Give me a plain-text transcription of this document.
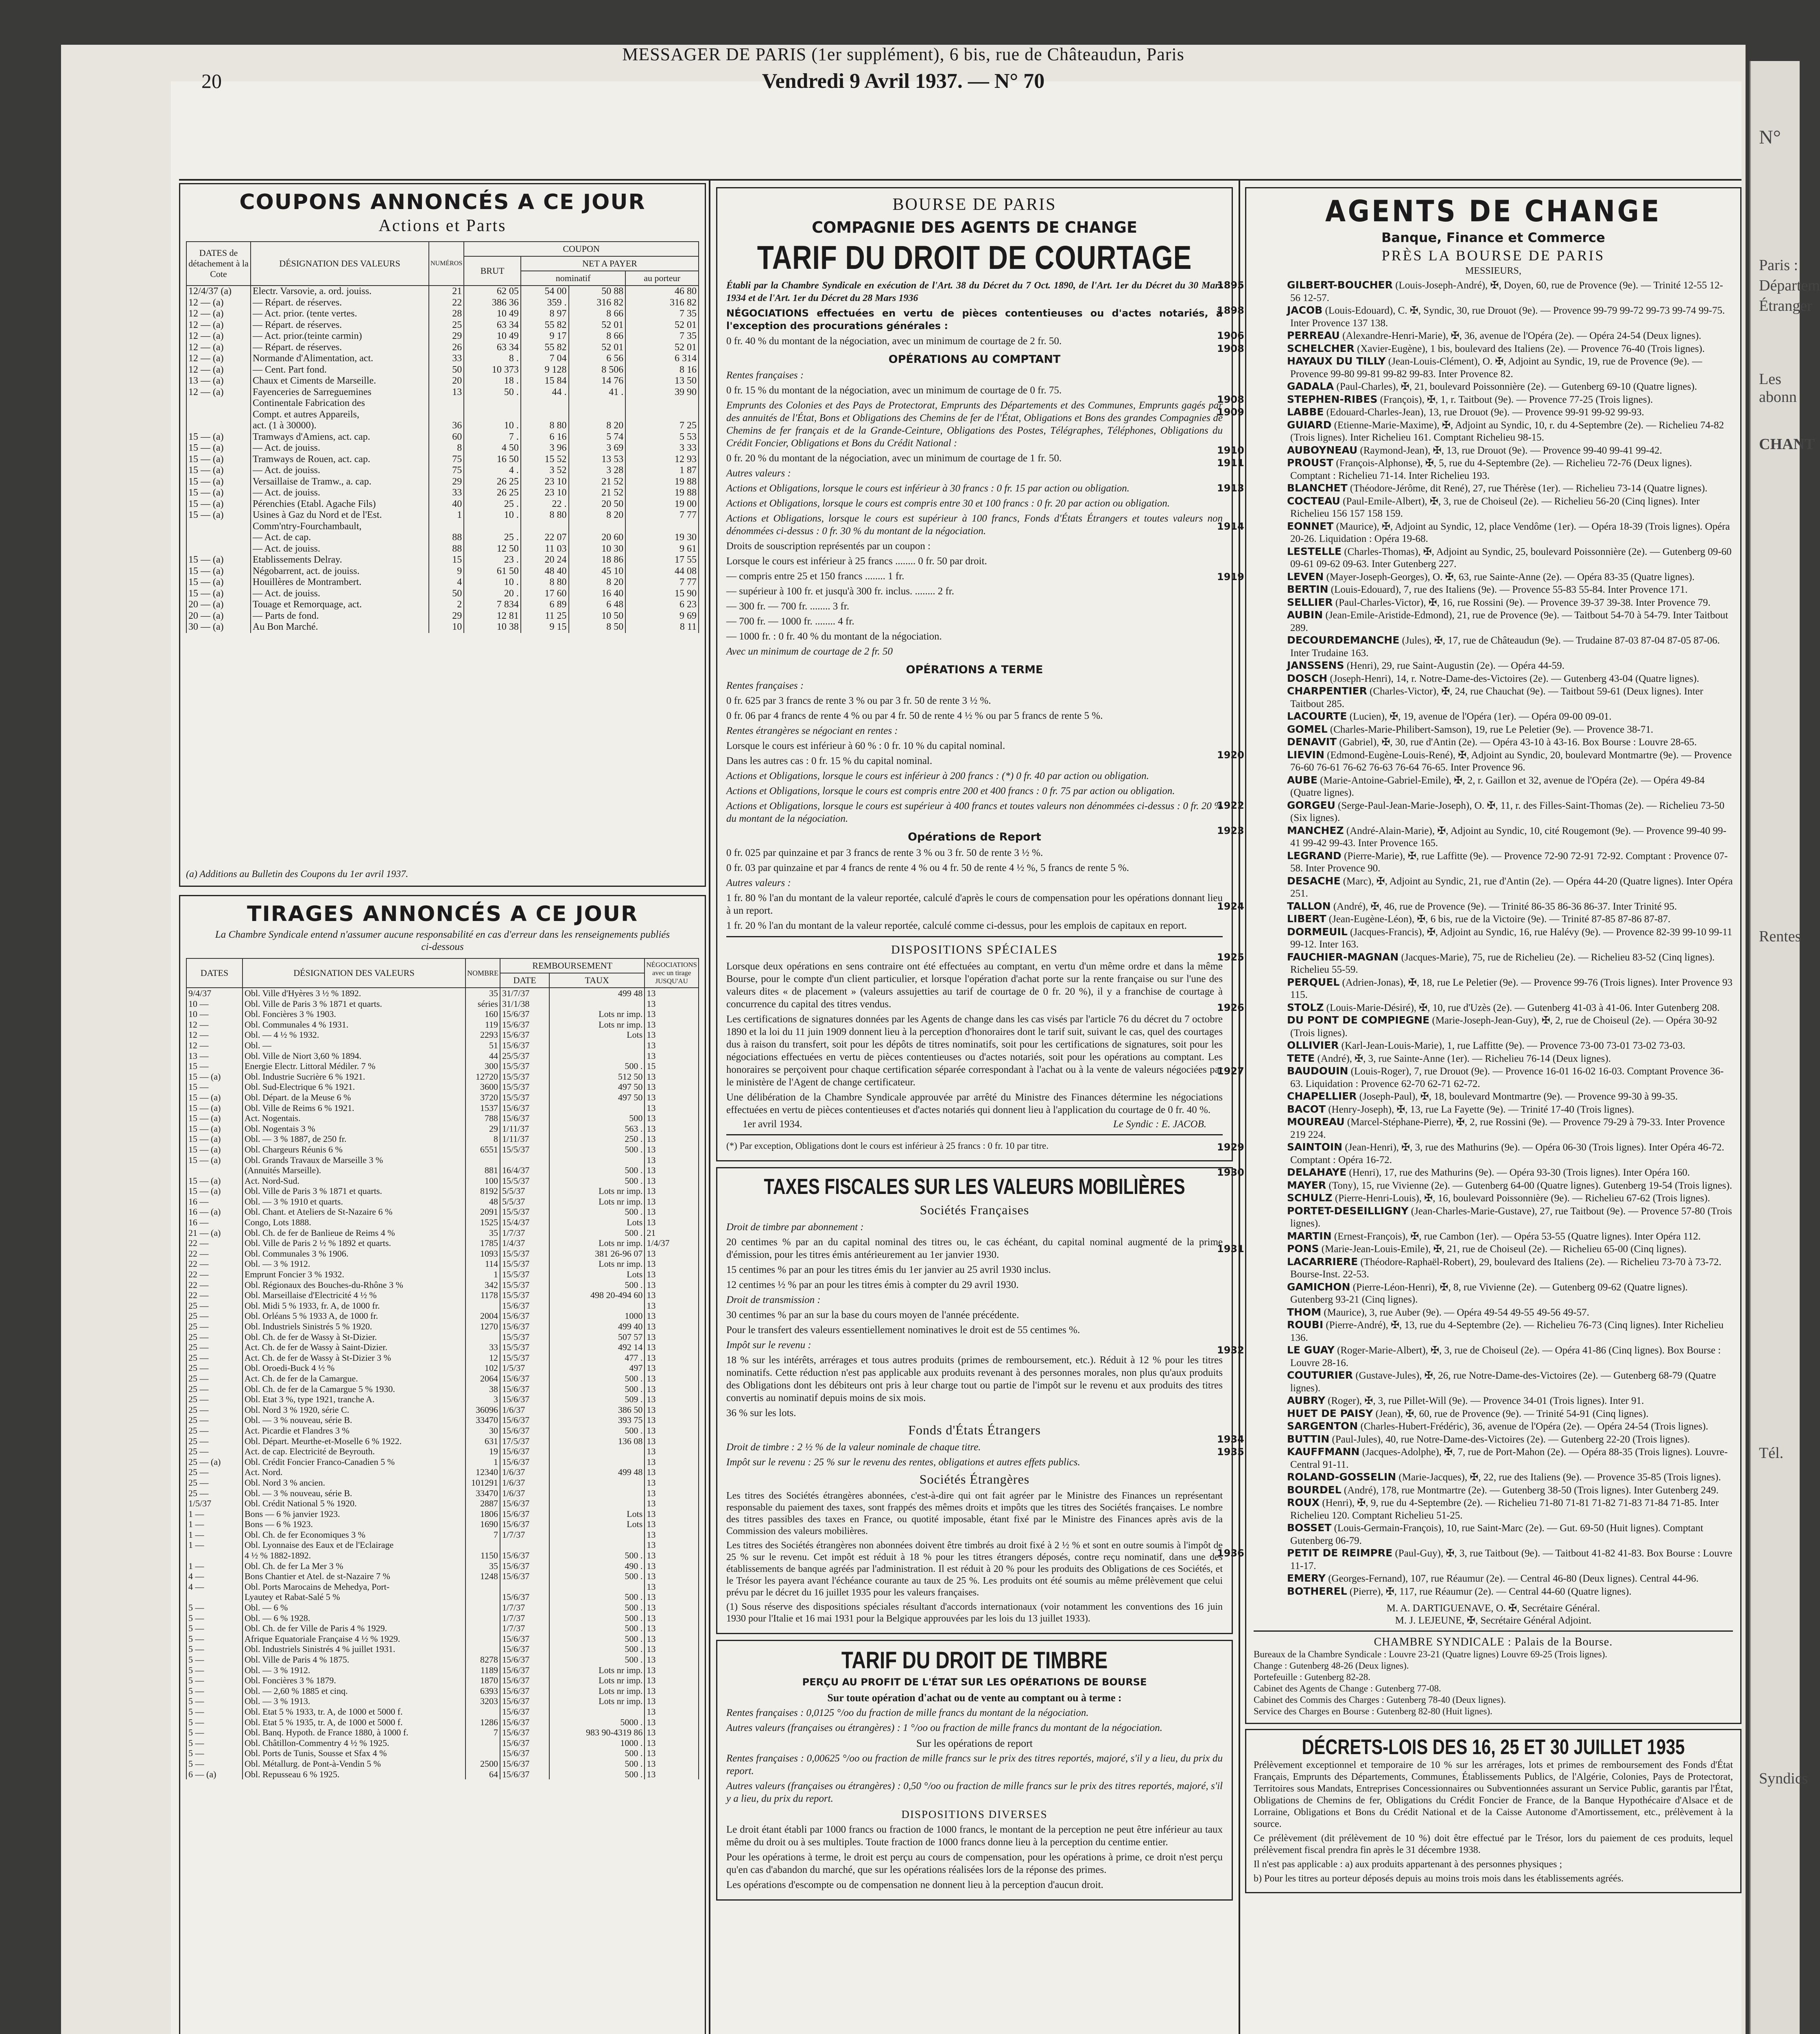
N°
Paris :
Départem
Étranger
Les abonn
CHANT
Rentes
Tél.
Syndics
20
MESSAGER DE PARIS (1er supplément), 6 bis, rue de Châteaudun, Paris
Vendredi 9 Avril 1937. — N° 70
COUPONS ANNONCÉS A CE JOUR
Actions et Parts
DATES de détachement à la Cote	DÉSIGNATION DES VALEURS	NUMÉROS	COUPON			
			BRUT	NET A PAYER		
				nominatif		au porteur
12/4/37 (a)	Electr. Varsovie, a. ord. jouiss.	21	62 05	54 00	50 88	46 80
12 — (a)	— Répart. de réserves.	22	386 36	359 .	316 82	316 82
12 — (a)	— Act. prior. (tente vertes.	28	10 49	8 97	8 66	7 35
12 — (a)	— Répart. de réserves.	25	63 34	55 82	52 01	52 01
12 — (a)	— Act. prior.(teinte carmin)	29	10 49	9 17	8 66	7 35
12 — (a)	— Répart. de réserves.	26	63 34	55 82	52 01	52 01
12 — (a)	Normande d'Alimentation, act.	33	8 .	7 04	6 56	6 314
12 — (a)	— Cent. Part fond.	50	10 373	9 128	8 506	8 16
13 — (a)	Chaux et Ciments de Marseille.	20	18 .	15 84	14 76	13 50
12 — (a)	Fayenceries de Sarreguemines	13	50 .	44 .	41 .	39 90
	Continentale Fabrication des					
	Compt. et autres Appareils,					
	act. (1 à 30000).	36	10 .	8 80	8 20	7 25
15 — (a)	Tramways d'Amiens, act. cap.	60	7 .	6 16	5 74	5 53
15 — (a)	— Act. de jouiss.	8	4 50	3 96	3 69	3 33
15 — (a)	Tramways de Rouen, act. cap.	75	16 50	15 52	13 53	12 93
15 — (a)	— Act. de jouiss.	75	4 .	3 52	3 28	1 87
15 — (a)	Versaillaise de Tramw., a. cap.	29	26 25	23 10	21 52	19 88
15 — (a)	— Act. de jouiss.	33	26 25	23 10	21 52	19 88
15 — (a)	Pérenchies (Etabl. Agache Fils)	40	25 .	22 .	20 50	19 00
15 — (a)	Usines à Gaz du Nord et de l'Est.	1	10 .	8 80	8 20	7 77
	Comm'ntry-Fourchambault,					
	— Act. de cap.	88	25 .	22 07	20 60	19 30
	— Act. de jouiss.	88	12 50	11 03	10 30	9 61
15 — (a)	Etablissements Delray.	15	23 .	20 24	18 86	17 55
15 — (a)	Négobarrent, act. de jouiss.	9	61 50	48 40	45 10	44 08
15 — (a)	Houillères de Montrambert.	4	10 .	8 80	8 20	7 77
15 — (a)	— Act. de jouiss.	50	20 .	17 60	16 40	15 90
20 — (a)	Touage et Remorquage, act.	2	7 834	6 89	6 48	6 23
20 — (a)	— Parts de fond.	29	12 81	11 25	10 50	9 69
30 — (a)	Au Bon Marché.	10	10 38	9 15	8 50	8 11
(a) Additions au Bulletin des Coupons du 1er avril 1937.
TIRAGES ANNONCÉS A CE JOUR
La Chambre Syndicale entend n'assumer aucune responsabilité en cas d'erreur dans les renseignements publiés ci-dessous
DATES	DÉSIGNATION DES VALEURS	NOMBRE	REMBOURSEMENT		NÉGOCIATIONS avec un tirage JUSQU'AU
			DATE	TAUX	
9/4/37	Obl. Ville d'Hyères 3 ½ % 1892.	35	31/7/37	499 48	13
10 —	Obl. Ville de Paris 3 % 1871 et quarts.	séries	31/1/38		13
10 —	Obl. Foncières 3 % 1903.	160	15/6/37	Lots nr imp.	13
12 —	Obl. Communales 4 % 1931.	119	15/6/37	Lots nr imp.	13
12 —	Obl. — 4 ½ % 1932.	2293	15/6/37	Lots	13
12 —	Obl. —	51	15/6/37		13
13 —	Obl. Ville de Niort 3,60 % 1894.	44	25/5/37		13
15 —	Energie Electr. Littoral Médiler. 7 %	300	15/5/37	500 .	15
15 — (a)	Obl. Industrie Sucrière 6 % 1921.	12720	15/5/37	512 50	13
15 —	Obl. Sud-Electrique 6 % 1921.	3600	15/5/37	497 50	13
15 — (a)	Obl. Départ. de la Meuse 6 %	3720	15/5/37	497 50	13
15 — (a)	Obl. Ville de Reims 6 % 1921.	1537	15/6/37		13
15 — (a)	Act. Nogentais.	788	15/6/37	500	13
15 — (a)	Obl. Nogentais 3 %	29	1/11/37	563 .	13
15 — (a)	Obl. — 3 % 1887, de 250 fr.	8	1/11/37	250 .	13
15 — (a)	Obl. Chargeurs Réunis 6 %	6551	15/5/37	500 .	13
15 — (a)	Obl. Grands Travaux de Marseille 3 %				13
	(Annuités Marseille).	881	16/4/37	500 .	13
15 — (a)	Act. Nord-Sud.	100	15/5/37	500 .	13
15 — (a)	Obl. Ville de Paris 3 % 1871 et quarts.	8192	5/5/37	Lots nr imp.	13
16 —	Obl. — 3 % 1910 et quarts.	48	5/5/37	Lots nr imp.	13
16 — (a)	Obl. Chant. et Ateliers de St-Nazaire 6 %	2091	15/5/37	500 .	13
16 —	Congo, Lots 1888.	1525	15/4/37	Lots	13
21 — (a)	Obl. Ch. de fer de Banlieue de Reims 4 %	35	1/7/37	500 .	21
22 —	Obl. Ville de Paris 2 ½ % 1892 et quarts.	1785	1/4/37	Lots nr imp.	1/4/37
22 —	Obl. Communales 3 % 1906.	1093	15/5/37	381 26-96 07	13
22 —	Obl. — 3 % 1912.	114	15/5/37	Lots nr imp.	13
22 —	Emprunt Foncier 3 % 1932.	1	15/5/37	Lots	13
22 —	Obl. Régionaux des Bouches-du-Rhône 3 %	342	15/5/37	500 .	13
22 —	Obl. Marseillaise d'Electricité 4 ½ %	1178	15/5/37	498 20-494 60	13
25 —	Obl. Midi 5 % 1933, fr. A, de 1000 fr.		15/6/37		13
25 —	Obl. Orléans 5 % 1933 A, de 1000 fr.	2004	15/6/37	1000	13
25 —	Obl. Industriels Sinistrés 5 % 1920.	1270	15/6/37	499 40	13
25 —	Obl. Ch. de fer de Wassy à St-Dizier.		15/5/37	507 57	13
25 —	Act. Ch. de fer de Wassy à Saint-Dizier.	33	15/5/37	492 14	13
25 —	Act. Ch. de fer de Wassy à St-Dizier 3 %	12	15/5/37	477 .	13
25 —	Obl. Oroedi-Buck 4 ½ %	102	1/5/37	497	13
25 —	Act. Ch. de fer de la Camargue.	2064	15/6/37	500 .	13
25 —	Obl. Ch. de fer de la Camargue 5 % 1930.	38	15/6/37	500 .	13
25 —	Obl. Etat 3 %, type 1921, tranche A.	3	15/6/37	509 .	13
25 —	Obl. Nord 3 % 1920, série C.	36096	1/6/37	386 50	13
25 —	Obl. — 3 % nouveau, série B.	33470	15/6/37	393 75	13
25 —	Act. Picardie et Flandres 3 %	30	15/6/37	500 .	13
25 —	Obl. Départ. Meurthe-et-Moselle 6 % 1922.	631	17/5/37	136 08	13
25 —	Act. de cap. Electricité de Beyrouth.	19	15/6/37		13
25 — (a)	Obl. Crédit Foncier Franco-Canadien 5 %	1	15/6/37		13
25 —	Act. Nord.	12340	1/6/37	499 48	13
25 —	Obl. Nord 3 % ancien.	101291	1/6/37		13
25 —	Obl. — 3 % nouveau, série B.	33470	1/6/37		13
1/5/37	Obl. Crédit National 5 % 1920.	2887	15/6/37		13
1 —	Bons — 6 % janvier 1923.	1806	15/6/37	Lots	13
1 —	Bons — 6 % 1923.	1690	15/6/37	Lots	13
1 —	Obl. Ch. de fer Economiques 3 %	7	1/7/37		13
1 —	Obl. Lyonnaise des Eaux et de l'Eclairage				13
	4 ½ % 1882-1892.	1150	15/6/37	500 .	13
1 —	Obl. Ch. de fer La Mer 3 %	35	15/6/37	490 .	13
4 —	Bons Chantier et Atel. de st-Nazaire 7 %	1248	15/6/37	500 .	13
4 —	Obl. Ports Marocains de Mehedya, Port-				13
	Lyautey et Rabat-Salé 5 %		15/6/37	500 .	13
5 —	Obl. — 6 %		1/7/37	500 .	13
5 —	Obl. — 6 % 1928.		1/7/37	500 .	13
5 —	Obl. Ch. de fer Ville de Paris 4 % 1929.		1/7/37	500 .	13
5 —	Afrique Equatoriale Française 4 ½ % 1929.		15/6/37	500 .	13
5 —	Obl. Industriels Sinistrés 4 % juillet 1931.		15/6/37	500 .	13
5 —	Obl. Ville de Paris 4 % 1875.	8278	15/6/37	500 .	13
5 —	Obl. — 3 % 1912.	1189	15/6/37	Lots nr imp.	13
5 —	Obl. Foncières 3 % 1879.	1870	15/6/37	Lots nr imp.	13
5 —	Obl. — 2,60 % 1885 et cinq.	6393	15/6/37	Lots nr imp.	13
5 —	Obl. — 3 % 1913.	3203	15/6/37	Lots nr imp.	13
5 —	Obl. Etat 5 % 1933, tr. A, de 1000 et 5000 f.		15/6/37		13
5 —	Obl. Etat 5 % 1935, tr. A, de 1000 et 5000 f.	1286	15/6/37	5000 .	13
5 —	Obl. Banq. Hypoth. de France 1880, à 1000 f.	7	15/6/37	983 90-4319 86	13
5 —	Obl. Châtillon-Commentry 4 ½ % 1925.		15/6/37	1000 .	13
5 —	Obl. Ports de Tunis, Sousse et Sfax 4 %		15/6/37	500 .	13
5 —	Obl. Métallurg. de Pont-à-Vendin 5 %	2500	15/6/37	500 .	13
6 — (a)	Obl. Repusseau 6 % 1925.	64	15/6/37	500 .	13
BOURSE DE PARIS
COMPAGNIE DES AGENTS DE CHANGE
TARIF DU DROIT DE COURTAGE
Établi par la Chambre Syndicale en exécution de l'Art. 38 du Décret du 7 Oct. 1890, de l'Art. 1er du Décret du 30 Mars 1934 et de l'Art. 1er du Décret du 28 Mars 1936
NÉGOCIATIONS effectuées en vertu de pièces contentieuses ou d'actes notariés, à l'exception des procurations générales :
0 fr. 40 % du montant de la négociation, avec un minimum de courtage de 2 fr. 50.
OPÉRATIONS AU COMPTANT

Rentes françaises :

0 fr. 15 % du montant de la négociation, avec un minimum de courtage de 0 fr. 75.

Emprunts des Colonies et des Pays de Protectorat, Emprunts des Départements et des Communes, Emprunts gagés par des annuités de l'État, Bons et Obligations des Chemins de fer de l'État, Obligations et Bons des grandes Compagnies de Chemins de fer français et de la Grande-Ceinture, Obligations des Postes, Télégraphes, Téléphones, Obligations du Crédit Foncier, Obligations et Bons du Crédit National :

0 fr. 20 % du montant de la négociation, avec un minimum de courtage de 1 fr. 50.

Autres valeurs :

Actions et Obligations, lorsque le cours est inférieur à 30 francs : 0 fr. 15 par action ou obligation.

Actions et Obligations, lorsque le cours est compris entre 30 et 100 francs : 0 fr. 20 par action ou obligation.

Actions et Obligations, lorsque le cours est supérieur à 100 francs, Fonds d'États Étrangers et toutes valeurs non dénommées ci-dessus : 0 fr. 30 % du montant de la négociation.

Droits de souscription représentés par un coupon :

Lorsque le cours est inférieur à 25 francs ........ 0 fr. 50 par droit.

— compris entre 25 et 150 francs ........ 1 fr.

— supérieur à 100 fr. et jusqu'à 300 fr. inclus. ........ 2 fr.

— 300 fr. — 700 fr. ........ 3 fr.

— 700 fr. — 1000 fr. ........ 4 fr.

— 1000 fr. : 0 fr. 40 % du montant de la négociation.

Avec un minimum de courtage de 2 fr. 50

OPÉRATIONS A TERME

Rentes françaises :

0 fr. 625 par 3 francs de rente 3 % ou par 3 fr. 50 de rente 3 ½ %.

0 fr. 06 par 4 francs de rente 4 % ou par 4 fr. 50 de rente 4 ½ % ou par 5 francs de rente 5 %.

Rentes étrangères se négociant en rentes :

Lorsque le cours est inférieur à 60 % : 0 fr. 10 % du capital nominal.

Dans les autres cas : 0 fr. 15 % du capital nominal.

Actions et Obligations, lorsque le cours est inférieur à 200 francs : (*) 0 fr. 40 par action ou obligation.

Actions et Obligations, lorsque le cours est compris entre 200 et 400 francs : 0 fr. 75 par action ou obligation.

Actions et Obligations, lorsque le cours est supérieur à 400 francs et toutes valeurs non dénommées ci-dessus : 0 fr. 20 % du montant de la négociation.

Opérations de Report

0 fr. 025 par quinzaine et par 3 francs de rente 3 % ou 3 fr. 50 de rente 3 ½ %.

0 fr. 03 par quinzaine et par 4 francs de rente 4 % ou 4 fr. 50 de rente 4 ½ %, 5 francs de rente 5 %.

Autres valeurs :

1 fr. 80 % l'an du montant de la valeur reportée, calculé d'après le cours de compensation pour les opérations donnant lieu à un report.

1 fr. 20 % l'an du montant de la valeur reportée, calculé comme ci-dessus, pour les emplois de capitaux en report.

DISPOSITIONS SPÉCIALES

Lorsque deux opérations en sens contraire ont été effectuées au comptant, en vertu d'un même ordre et dans la même Bourse, pour le compte d'un client particulier, et lorsque l'opération d'achat porte sur la rente française ou sur l'une des valeurs dites « de placement » (valeurs assujetties au tarif de courtage de 0 fr. 20 %), il y a franchise de courtage à concurrence du capital des titres vendus.

Les certifications de signatures données par les Agents de change dans les cas visés par l'article 76 du décret du 7 octobre 1890 et la loi du 11 juin 1909 donnent lieu à la perception d'honoraires dont le tarif suit, suivant le cas, quel des courtages dus à raison du transfert, soit pour les dépôts de titres nominatifs, soit pour les certifications de signatures, soit pour les négociations effectuées en vertu de pièces contentieuses ou d'actes notariés, soit pour les opérations au comptant. Les honoraires se perçoivent pour chaque certification séparée correspondant à l'achat ou à la vente de valeurs négociées par le ministère de l'Agent de change certificateur.

Une délibération de la Chambre Syndicale approuvée par arrêté du Ministre des Finances détermine les négociations effectuées en vertu de pièces contentieuses et d'actes notariés qui donnent lieu à l'application du courtage de 0 fr. 40 %.

1er avril 1934.	Le Syndic : E. JACOB.
(*) Par exception, Obligations dont le cours est inférieur à 25 francs : 0 fr. 10 par titre.
TAXES FISCALES SUR LES VALEURS MOBILIÈRES
Sociétés Françaises

Droit de timbre par abonnement :

20 centimes % par an du capital nominal des titres ou, le cas échéant, du capital nominal augmenté de la prime d'émission, pour les titres émis antérieurement au 1er janvier 1930.

15 centimes % par an pour les titres émis du 1er janvier au 25 avril 1930 inclus.

12 centimes ½ % par an pour les titres émis à compter du 29 avril 1930.

Droit de transmission :

30 centimes % par an sur la base du cours moyen de l'année précédente.

Pour le transfert des valeurs essentiellement nominatives le droit est de 55 centimes %.

Impôt sur le revenu :

18 % sur les intérêts, arrérages et tous autres produits (primes de remboursement, etc.). Réduit à 12 % pour les titres nominatifs. Cette réduction n'est pas applicable aux produits revenant à des personnes morales, non plus qu'aux produits des Obligations dont les débiteurs ont pris à leur charge tout ou partie de l'impôt sur le revenu et aux produits des titres convertis au nominatif depuis moins de six mois.

36 % sur les lots.

Fonds d'États Étrangers

Droit de timbre : 2 ½ % de la valeur nominale de chaque titre.

Impôt sur le revenu : 25 % sur le revenu des rentes, obligations et autres effets publics.

Sociétés Étrangères

Les titres des Sociétés étrangères abonnées, c'est-à-dire qui ont fait agréer par le Ministre des Finances un représentant responsable du paiement des taxes, sont frappés des mêmes droits et impôts que les titres des Sociétés françaises. Le nombre des titres passibles des taxes en France, ou quotité imposable, étant fixé par le Ministre des Finances après avis de la Commission des valeurs mobilières.

Les titres des Sociétés étrangères non abonnées doivent être timbrés au droit fixé à 2 ½ % et sont en outre soumis à l'impôt de 25 % sur le revenu. Cet impôt est réduit à 18 % pour les titres étrangers déposés, contre reçu nominatif, dans une des établissements de banque agréés par l'administration. Il est réduit à 20 % pour les produits des Obligations de ces Sociétés, et le Trésor les payera avant l'échéance courante au taux de 25 %. Les produits ont été soumis au même prélèvement que celui prévu par le décret du 16 juillet 1935 pour les valeurs françaises.

(1) Sous réserve des dispositions spéciales résultant d'accords internationaux (voir notamment les conventions des 16 juin 1930 pour l'Italie et 16 mai 1931 pour la Belgique approuvées par les lois du 13 juillet 1933).

TARIF DU DROIT DE TIMBRE
PERÇU AU PROFIT DE L'ÉTAT SUR LES OPÉRATIONS DE BOURSE
Sur toute opération d'achat ou de vente au comptant ou à terme :

Rentes françaises : 0,0125 °/oo du fraction de mille francs du montant de la négociation.

Autres valeurs (françaises ou étrangères) : 1 °/oo ou fraction de mille francs du montant de la négociation.

Sur les opérations de report

Rentes françaises : 0,00625 °/oo ou fraction de mille francs sur le prix des titres reportés, majoré, s'il y a lieu, du prix du report.

Autres valeurs (françaises ou étrangères) : 0,50 °/oo ou fraction de mille francs sur le prix des titres reportés, majoré, s'il y a lieu, du prix du report.

DISPOSITIONS DIVERSES

Le droit étant établi par 1000 francs ou fraction de 1000 francs, le montant de la perception ne peut être inférieur au taux même du droit ou à ses multiples. Toute fraction de 1000 francs donne lieu à la perception du centime entier.

Pour les opérations à terme, le droit est perçu au cours de compensation, pour les opérations à prime, ce droit n'est perçu qu'en cas d'abandon du marché, que sur les opérations réalisées lors de la réponse des primes.

Les opérations d'escompte ou de compensation ne donnent lieu à la perception d'aucun droit.

AGENTS DE CHANGE
Banque, Finance et Commerce
PRÈS LA BOURSE DE PARIS
MESSIEURS,

1895	GILBERT-BOUCHER (Louis-Joseph-André), ✠, Doyen, 60, rue de Provence (9e). — Trinité 12-55 12-56 12-57.

1898	JACOB (Louis-Edouard), C. ✠, Syndic, 30, rue Drouot (9e). — Provence 99-79 99-72 99-73 99-74 99-75. Inter Provence 137 138.

1906	PERREAU (Alexandre-Henri-Marie), ✠, 36, avenue de l'Opéra (2e). — Opéra 24-54 (Deux lignes).

1908	SCHELCHER (Xavier-Eugène), 1 bis, boulevard des Italiens (2e). — Provence 76-40 (Trois lignes).

HAYAUX DU TILLY (Jean-Louis-Clément), O. ✠, Adjoint au Syndic, 19, rue de Provence (9e). — Provence 99-80 99-81 99-82 99-83. Inter Provence 82.

GADALA (Paul-Charles), ✠, 21, boulevard Poissonnière (2e). — Gutenberg 69-10 (Quatre lignes).

1908	STEPHEN-RIBES (François), ✠, 1, r. Taitbout (9e). — Provence 77-25 (Trois lignes).

1909	LABBE (Edouard-Charles-Jean), 13, rue Drouot (9e). — Provence 99-91 99-92 99-93.

GUIARD (Etienne-Marie-Maxime), ✠, Adjoint au Syndic, 10, r. du 4-Septembre (2e). — Richelieu 74-82 (Trois lignes). Inter Richelieu 161. Comptant Richelieu 98-15.

1910	AUBOYNEAU (Raymond-Jean), ✠, 13, rue Drouot (9e). — Provence 99-40 99-41 99-42.

1911	PROUST (François-Alphonse), ✠, 5, rue du 4-Septembre (2e). — Richelieu 72-76 (Deux lignes). Comptant : Richelieu 71-14. Inter Richelieu 193.

1913	BLANCHET (Théodore-Jérôme, dit René), 27, rue Thérèse (1er). — Richelieu 73-14 (Quatre lignes).

COCTEAU (Paul-Emile-Albert), ✠, 3, rue de Choiseul (2e). — Richelieu 56-20 (Cinq lignes). Inter Richelieu 156 157 158 159.

1914	EONNET (Maurice), ✠, Adjoint au Syndic, 12, place Vendôme (1er). — Opéra 18-39 (Trois lignes). Opéra 20-26. Liquidation : Opéra 19-68.

LESTELLE (Charles-Thomas), ✠, Adjoint au Syndic, 25, boulevard Poissonnière (2e). — Gutenberg 09-60 09-61 09-62 09-63. Inter Gutenberg 227.

1919	LEVEN (Mayer-Joseph-Georges), O. ✠, 63, rue Sainte-Anne (2e). — Opéra 83-35 (Quatre lignes).

BERTIN (Louis-Edouard), 7, rue des Italiens (9e). — Provence 55-83 55-84. Inter Provence 171.

SELLIER (Paul-Charles-Victor), ✠, 16, rue Rossini (9e). — Provence 39-37 39-38. Inter Provence 79.

AUBIN (Jean-Emile-Aristide-Edmond), 21, rue de Provence (9e). — Taitbout 54-70 à 54-79. Inter Taitbout 289.

DECOURDEMANCHE (Jules), ✠, 17, rue de Châteaudun (9e). — Trudaine 87-03 87-04 87-05 87-06. Inter Trudaine 163.

JANSSENS (Henri), 29, rue Saint-Augustin (2e). — Opéra 44-59.

DOSCH (Joseph-Henri), 14, r. Notre-Dame-des-Victoires (2e). — Gutenberg 43-04 (Quatre lignes).

CHARPENTIER (Charles-Victor), ✠, 24, rue Chauchat (9e). — Taitbout 59-61 (Deux lignes). Inter Taitbout 285.

LACOURTE (Lucien), ✠, 19, avenue de l'Opéra (1er). — Opéra 09-00 09-01.

GOMEL (Charles-Marie-Philibert-Samson), 19, rue Le Peletier (9e). — Provence 38-71.

DENAVIT (Gabriel), ✠, 30, rue d'Antin (2e). — Opéra 43-10 à 43-16. Box Bourse : Louvre 28-65.

1920	LIEVIN (Edmond-Eugène-Louis-René), ✠, Adjoint au Syndic, 20, boulevard Montmartre (9e). — Provence 76-60 76-61 76-62 76-63 76-64 76-65. Inter Provence 96.

AUBE (Marie-Antoine-Gabriel-Emile), ✠, 2, r. Gaillon et 32, avenue de l'Opéra (2e). — Opéra 49-84 (Quatre lignes).

1922	GORGEU (Serge-Paul-Jean-Marie-Joseph), O. ✠, 11, r. des Filles-Saint-Thomas (2e). — Richelieu 73-50 (Six lignes).

1923	MANCHEZ (André-Alain-Marie), ✠, Adjoint au Syndic, 10, cité Rougemont (9e). — Provence 99-40 99-41 99-42 99-43. Inter Provence 165.

LEGRAND (Pierre-Marie), ✠, rue Laffitte (9e). — Provence 72-90 72-91 72-92. Comptant : Provence 07-58. Inter Provence 90.

DESACHE (Marc), ✠, Adjoint au Syndic, 21, rue d'Antin (2e). — Opéra 44-20 (Quatre lignes). Inter Opéra 251.

1924	TALLON (André), ✠, 46, rue de Provence (9e). — Trinité 86-35 86-36 86-37. Inter Trinité 95.

LIBERT (Jean-Eugène-Léon), ✠, 6 bis, rue de la Victoire (9e). — Trinité 87-85 87-86 87-87.

DORMEUIL (Jacques-Francis), ✠, Adjoint au Syndic, 16, rue Halévy (9e). — Provence 82-39 99-10 99-11 99-12. Inter 163.

1925	FAUCHIER-MAGNAN (Jacques-Marie), 75, rue de Richelieu (2e). — Richelieu 83-52 (Cinq lignes). Richelieu 55-59.

PERQUEL (Adrien-Jonas), ✠, 18, rue Le Peletier (9e). — Provence 99-76 (Trois lignes). Inter Provence 93 115.

1926	STOLZ (Louis-Marie-Désiré), ✠, 10, rue d'Uzès (2e). — Gutenberg 41-03 à 41-06. Inter Gutenberg 208.

DU PONT DE COMPIEGNE (Marie-Joseph-Jean-Guy), ✠, 2, rue de Choiseul (2e). — Opéra 30-92 (Trois lignes).

OLLIVIER (Karl-Jean-Louis-Marie), 1, rue Laffitte (9e). — Provence 73-00 73-01 73-02 73-03.

TETE (André), ✠, 3, rue Sainte-Anne (1er). — Richelieu 76-14 (Deux lignes).

1927	BAUDOUIN (Louis-Roger), 7, rue Drouot (9e). — Provence 16-01 16-02 16-03. Comptant Provence 36-63. Liquidation : Provence 62-70 62-71 62-72.

CHAPELLIER (Joseph-Paul), ✠, 18, boulevard Montmartre (9e). — Provence 99-30 à 99-35.

BACOT (Henry-Joseph), ✠, 13, rue La Fayette (9e). — Trinité 17-40 (Trois lignes).

MOUREAU (Marcel-Stéphane-Pierre), ✠, 2, rue Rossini (9e). — Provence 79-29 à 79-33. Inter Provence 219 224.

1929	SAINTOIN (Jean-Henri), ✠, 3, rue des Mathurins (9e). — Opéra 06-30 (Trois lignes). Inter Opéra 46-72. Comptant : Opéra 16-72.

1930	DELAHAYE (Henri), 17, rue des Mathurins (9e). — Opéra 93-30 (Trois lignes). Inter Opéra 160.

MAYER (Tony), 15, rue Vivienne (2e). — Gutenberg 64-00 (Quatre lignes). Gutenberg 19-54 (Trois lignes).

SCHULZ (Pierre-Henri-Louis), ✠, 16, boulevard Poissonnière (9e). — Richelieu 67-62 (Trois lignes).

PORTET-DESEILLIGNY (Jean-Charles-Marie-Gustave), 27, rue Taitbout (9e). — Provence 57-80 (Trois lignes).

MARTIN (Ernest-François), ✠, rue Cambon (1er). — Opéra 53-55 (Quatre lignes). Inter Opéra 112.

1931	PONS (Marie-Jean-Louis-Emile), ✠, 21, rue de Choiseul (2e). — Richelieu 65-00 (Cinq lignes).

LACARRIERE (Théodore-Raphaël-Robert), 29, boulevard des Italiens (2e). — Richelieu 73-70 à 73-72. Bourse-Inst. 22-53.

GAMICHON (Pierre-Léon-Henri), ✠, 8, rue Vivienne (2e). — Gutenberg 09-62 (Quatre lignes). Gutenberg 93-21 (Cinq lignes).

THOM (Maurice), 3, rue Auber (9e). — Opéra 49-54 49-55 49-56 49-57.

ROUBI (Pierre-André), ✠, 13, rue du 4-Septembre (2e). — Richelieu 76-73 (Cinq lignes). Inter Richelieu 136.

1932	LE GUAY (Roger-Marie-Albert), ✠, 3, rue de Choiseul (2e). — Opéra 41-86 (Cinq lignes). Box Bourse : Louvre 28-16.

COUTURIER (Gustave-Jules), ✠, 26, rue Notre-Dame-des-Victoires (2e). — Gutenberg 68-79 (Quatre lignes).

AUBRY (Roger), ✠, 3, rue Pillet-Will (9e). — Provence 34-01 (Trois lignes). Inter 91.

HUET DE PAISY (Jean), ✠, 60, rue de Provence (9e). — Trinité 54-91 (Cinq lignes).

SARGENTON (Charles-Hubert-Frédéric), 36, avenue de l'Opéra (2e). — Opéra 24-54 (Trois lignes).

1934	BUTTIN (Paul-Jules), 40, rue Notre-Dame-des-Victoires (2e). — Gutenberg 22-20 (Trois lignes).

1935	KAUFFMANN (Jacques-Adolphe), ✠, 7, rue de Port-Mahon (2e). — Opéra 88-35 (Trois lignes). Louvre-Central 91-11.

ROLAND-GOSSELIN (Marie-Jacques), ✠, 22, rue des Italiens (9e). — Provence 35-85 (Trois lignes).

BOURDEL (André), 178, rue Montmartre (2e). — Gutenberg 38-50 (Trois lignes). Inter Gutenberg 249.

ROUX (Henri), ✠, 9, rue du 4-Septembre (2e). — Richelieu 71-80 71-81 71-82 71-83 71-84 71-85. Inter Richelieu 120. Comptant Richelieu 51-25.

BOSSET (Louis-Germain-François), 10, rue Saint-Marc (2e). — Gut. 69-50 (Huit lignes). Comptant Gutenberg 06-79.

1936	PETIT DE REIMPRE (Paul-Guy), ✠, 3, rue Taitbout (9e). — Taitbout 41-82 41-83. Box Bourse : Louvre 11-17.

EMERY (Georges-Fernand), 107, rue Réaumur (2e). — Central 46-80 (Deux lignes). Central 44-96.

BOTHEREL (Pierre), ✠, 117, rue Réaumur (2e). — Central 44-60 (Quatre lignes).

M. A. DARTIGUENAVE, O. ✠, Secrétaire Général.
M. J. LEJEUNE, ✠, Secrétaire Général Adjoint.
CHAMBRE SYNDICALE : Palais de la Bourse.
Bureaux de la Chambre Syndicale : Louvre 23-21 (Quatre lignes) Louvre 69-25 (Trois lignes).
Change : Gutenberg 48-26 (Deux lignes).
Portefeuille : Gutenberg 82-28.
Cabinet des Agents de Change : Gutenberg 77-08.
Cabinet des Commis des Charges : Gutenberg 78-40 (Deux lignes).
Service des Charges en Bourse : Gutenberg 82-80 (Huit lignes).
DÉCRETS-LOIS DES 16, 25 ET 30 JUILLET 1935

Prélèvement exceptionnel et temporaire de 10 % sur les arrérages, lots et primes de remboursement des Fonds d'État Français, Emprunts des Départements, Communes, Établissements Publics, de l'Algérie, Colonies, Pays de Protectorat, Territoires sous Mandats, Entreprises Concessionnaires ou Subventionnées assurant un Service Public, garantis par l'État, Obligations de Chemins de fer, Obligations du Crédit Foncier de France, de la Banque Hypothécaire d'Alsace et de Lorraine, Obligations et Bons du Crédit National et de la Caisse Autonome d'Amortissement, etc., prélèvement à la source.

Ce prélèvement (dit prélèvement de 10 %) doit être effectué par le Trésor, lors du paiement de ces produits, lequel prélèvement fiscal prendra fin après le 31 décembre 1938.

Il n'est pas applicable : a) aux produits appartenant à des personnes physiques ;

b) Pour les titres au porteur déposés depuis au moins trois mois dans les établissements agréés.
